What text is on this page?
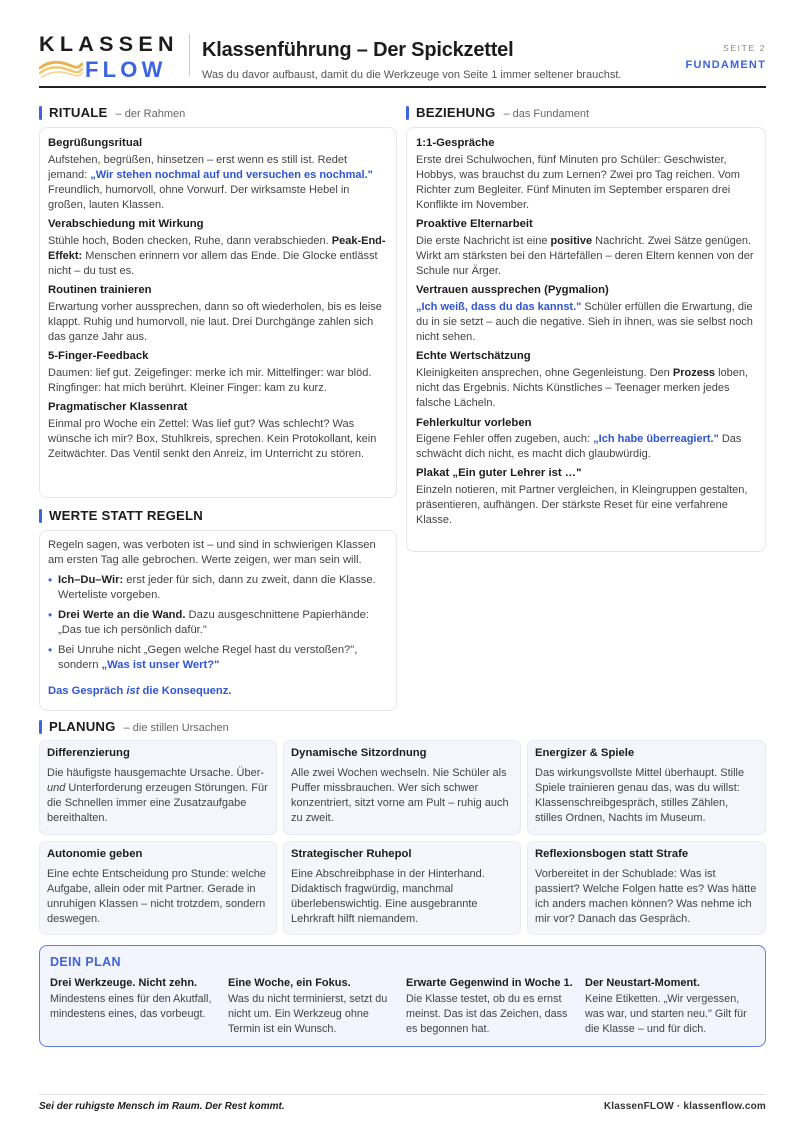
KLASSEN
FLOW
Klassenführung – Der Spickzettel
Was du davor aufbaust, damit du die Werkzeuge von Seite 1 immer seltener brauchst.
SEITE 2
FUNDAMENT
RITUALE – der Rahmen
Begrüßungsritual
Aufstehen, begrüßen, hinsetzen – erst wenn es still ist. Redet jemand: „Wir stehen nochmal auf und versuchen es nochmal." Freundlich, humorvoll, ohne Vorwurf. Der wirksamste Hebel in großen, lauten Klassen.
Verabschiedung mit Wirkung
Stühle hoch, Boden checken, Ruhe, dann verabschieden. Peak-End-Effekt: Menschen erinnern vor allem das Ende. Die Glocke entlässt nicht – du tust es.
Routinen trainieren
Erwartung vorher aussprechen, dann so oft wiederholen, bis es leise klappt. Ruhig und humorvoll, nie laut. Drei Durchgänge zahlen sich das ganze Jahr aus.
5-Finger-Feedback
Daumen: lief gut. Zeigefinger: merke ich mir. Mittelfinger: war blöd. Ringfinger: hat mich berührt. Kleiner Finger: kam zu kurz.
Pragmatischer Klassenrat
Einmal pro Woche ein Zettel: Was lief gut? Was schlecht? Was wünsche ich mir? Box, Stuhlkreis, sprechen. Kein Protokollant, kein Zeitwächter. Das Ventil senkt den Anreiz, im Unterricht zu stören.
WERTE STATT REGELN
Regeln sagen, was verboten ist – und sind in schwierigen Klassen am ersten Tag alle gebrochen. Werte zeigen, wer man sein will.
• Ich–Du–Wir: erst jeder für sich, dann zu zweit, dann die Klasse. Werteliste vorgeben.
• Drei Werte an die Wand. Dazu ausgeschnittene Papierhände: „Das tue ich persönlich dafür."
• Bei Unruhe nicht „Gegen welche Regel hast du verstoßen?", sondern „Was ist unser Wert?"
Das Gespräch ist die Konsequenz.
BEZIEHUNG – das Fundament
1:1-Gespräche
Erste drei Schulwochen, fünf Minuten pro Schüler: Geschwister, Hobbys, was brauchst du zum Lernen? Zwei pro Tag reichen. Vom Richter zum Begleiter. Fünf Minuten im September ersparen drei Konflikte im November.
Proaktive Elternarbeit
Die erste Nachricht ist eine positive Nachricht. Zwei Sätze genügen. Wirkt am stärksten bei den Härtefällen – deren Eltern kennen von der Schule nur Ärger.
Vertrauen aussprechen (Pygmalion)
„Ich weiß, dass du das kannst." Schüler erfüllen die Erwartung, die du in sie setzt – auch die negative. Sieh in ihnen, was sie selbst noch nicht sehen.
Echte Wertschätzung
Kleinigkeiten ansprechen, ohne Gegenleistung. Den Prozess loben, nicht das Ergebnis. Nichts Künstliches – Teenager merken jedes falsche Lächeln.
Fehlerkultur vorleben
Eigene Fehler offen zugeben, auch: „Ich habe überreagiert." Das schwächt dich nicht, es macht dich glaubwürdig.
Plakat „Ein guter Lehrer ist …"
Einzeln notieren, mit Partner vergleichen, in Kleingruppen gestalten, präsentieren, aufhängen. Der stärkste Reset für eine verfahrene Klasse.
PLANUNG – die stillen Ursachen
Differenzierung
Die häufigste hausgemachte Ursache. Über- und Unterforderung erzeugen Störungen. Für die Schnellen immer eine Zusatzaufgabe bereithalten.
Dynamische Sitzordnung
Alle zwei Wochen wechseln. Nie Schüler als Puffer missbrauchen. Wer sich schwer konzentriert, sitzt vorne am Pult – ruhig auch zu zweit.
Energizer & Spiele
Das wirkungsvollste Mittel überhaupt. Stille Spiele trainieren genau das, was du willst: Klassenschreibgespräch, stilles Zählen, stilles Ordnen, Nachts im Museum.
Autonomie geben
Eine echte Entscheidung pro Stunde: welche Aufgabe, allein oder mit Partner. Gerade in unruhigen Klassen – nicht trotzdem, sondern deswegen.
Strategischer Ruhepol
Eine Abschreibphase in der Hinterhand. Didaktisch fragwürdig, manchmal überlebenswichtig. Eine ausgebrannte Lehrkraft hilft niemandem.
Reflexionsbogen statt Strafe
Vorbereitet in der Schublade: Was ist passiert? Welche Folgen hatte es? Was hätte ich anders machen können? Was nehme ich mir vor? Danach das Gespräch.
DEIN PLAN
Drei Werkzeuge. Nicht zehn.
Mindestens eines für den Akutfall, mindestens eines, das vorbeugt.
Eine Woche, ein Fokus.
Was du nicht terminierst, setzt du nicht um. Ein Werkzeug ohne Termin ist ein Wunsch.
Erwarte Gegenwind in Woche 1.
Die Klasse testet, ob du es ernst meinst. Das ist das Zeichen, dass es begonnen hat.
Der Neustart-Moment.
Keine Etiketten. „Wir vergessen, was war, und starten neu." Gilt für die Klasse – und für dich.
Sei der ruhigste Mensch im Raum. Der Rest kommt.	KlassenFLOW · klassenflow.com
